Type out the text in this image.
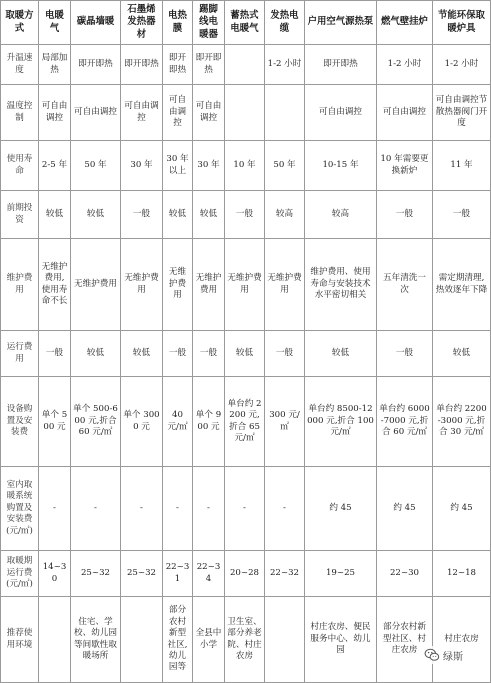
取暖方式	电暖气	碳晶墙暖	石墨烯发热器材	电热膜	踢脚线电暖器	蓄热式电暖气	发热电缆	户用空气源热泵	燃气壁挂炉	节能环保取暖炉具
升温速度	局部加热	即开即热	即开即热	即开即热	即开即热		1-2 小时	即开即热	1-2 小时	1-2 小时
温度控制	可自由调控	可自由调控	可自由调控	可自由调控	可自由调控			可自由调控	可自由调控	可自由调控节散热器阀门开度
使用寿命	2-5 年	50 年	30 年	30 年以上	30 年	10 年	50 年	10-15 年	10 年需要更换新炉	11 年
前期投资	较低	较低	一般	较低	较低	一般	较高	较高	一般	一般
维护费用	无维护费用,使用寿命不长	无维护费用	无维护费用	无维护费用	无维护费用	无维护费用	无维护费用	维护费用、使用寿命与安装技术水平密切相关	五年清洗一次	需定期清理,热效逐年下降
运行费用	一般	较低	较低	一般	一般	较低	一般	较低	一般	较低
设备购置及安装费	单个 500 元	单个 500-600 元,折合 60 元/㎡	单个 3000 元	40 元/㎡	单个 900 元	单台约 2200 元,折合 65 元/㎡	300 元/㎡	单台约 8500-12000 元,折合 100 元/㎡	单台约 6000-7000 元,折合 60 元/㎡	单台约 2200-3000 元,折合 30 元/㎡
室内取暖系统购置及安装费(元/㎡)	-	-	-	-	-	-	-	约 45	约 45	约 45
取暖期运行费(元/㎡)	14~30	25~32	25~32	22~31	22~34	20~28	22~32	19~25	22~30	12~18
推荐使用环境		住宅、学校、幼儿园等间歇性取暖场所		部分农村新型社区,幼儿园等	全县中小学	卫生室、部分养老院、村庄农房		村庄农房、便民服务中心、幼儿园	部分农村新型社区、村庄农房	村庄农房
绿斯
